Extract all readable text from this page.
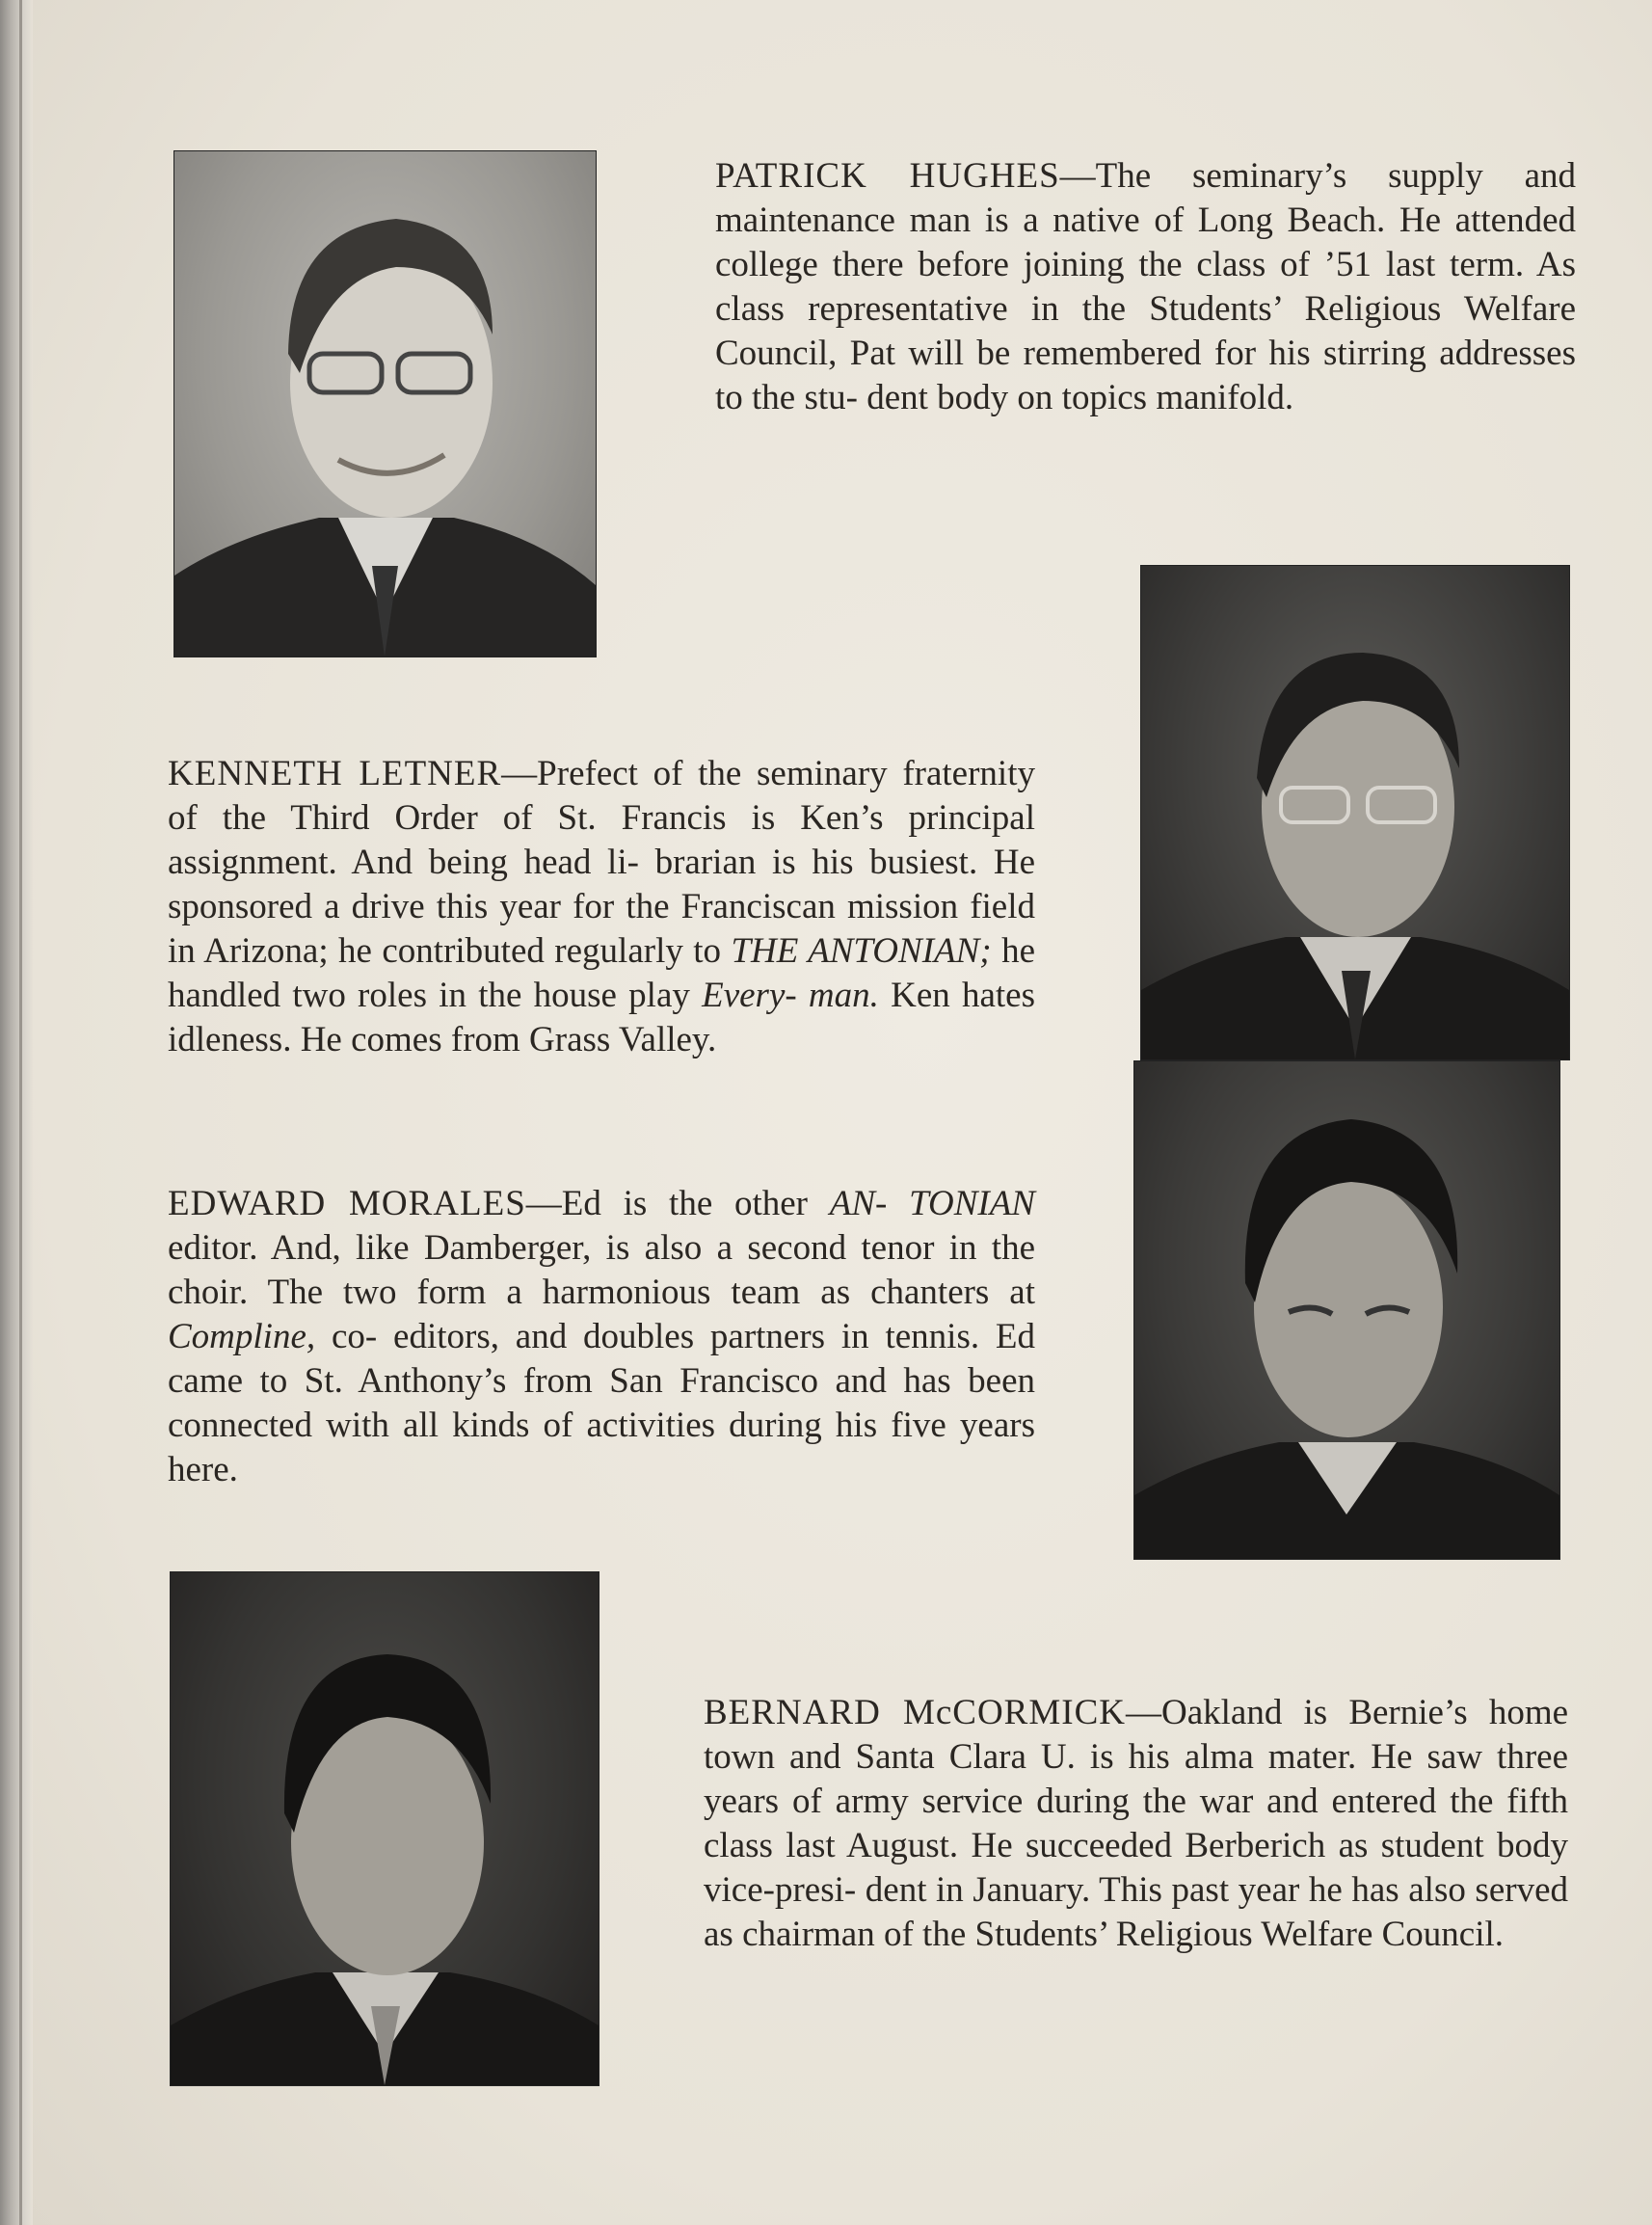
PATRICK HUGHES—The seminary’s supply and maintenance man is a native of Long Beach. He attended college there before joining the class of ’51 last term. As class representative in the Students’ Religious Welfare Council, Pat will be remembered for his stirring addresses to the stu- dent body on topics manifold.

KENNETH LETNER—Prefect of the seminary fraternity of the Third Order of St. Francis is Ken’s principal assignment. And being head li- brarian is his busiest. He sponsored a drive this year for the Franciscan mission field in Arizona; he contributed regularly to THE ANTONIAN; he handled two roles in the house play Every- man. Ken hates idleness. He comes from Grass Valley.

EDWARD MORALES—Ed is the other AN- TONIAN editor. And, like Damberger, is also a second tenor in the choir. The two form a harmonious team as chanters at Compline, co- editors, and doubles partners in tennis. Ed came to St. Anthony’s from San Francisco and has been connected with all kinds of activities during his five years here.

BERNARD McCORMICK—Oakland is Bernie’s home town and Santa Clara U. is his alma mater. He saw three years of army service during the war and entered the fifth class last August. He succeeded Berberich as student body vice-presi- dent in January. This past year he has also served as chairman of the Students’ Religious Welfare Council.
